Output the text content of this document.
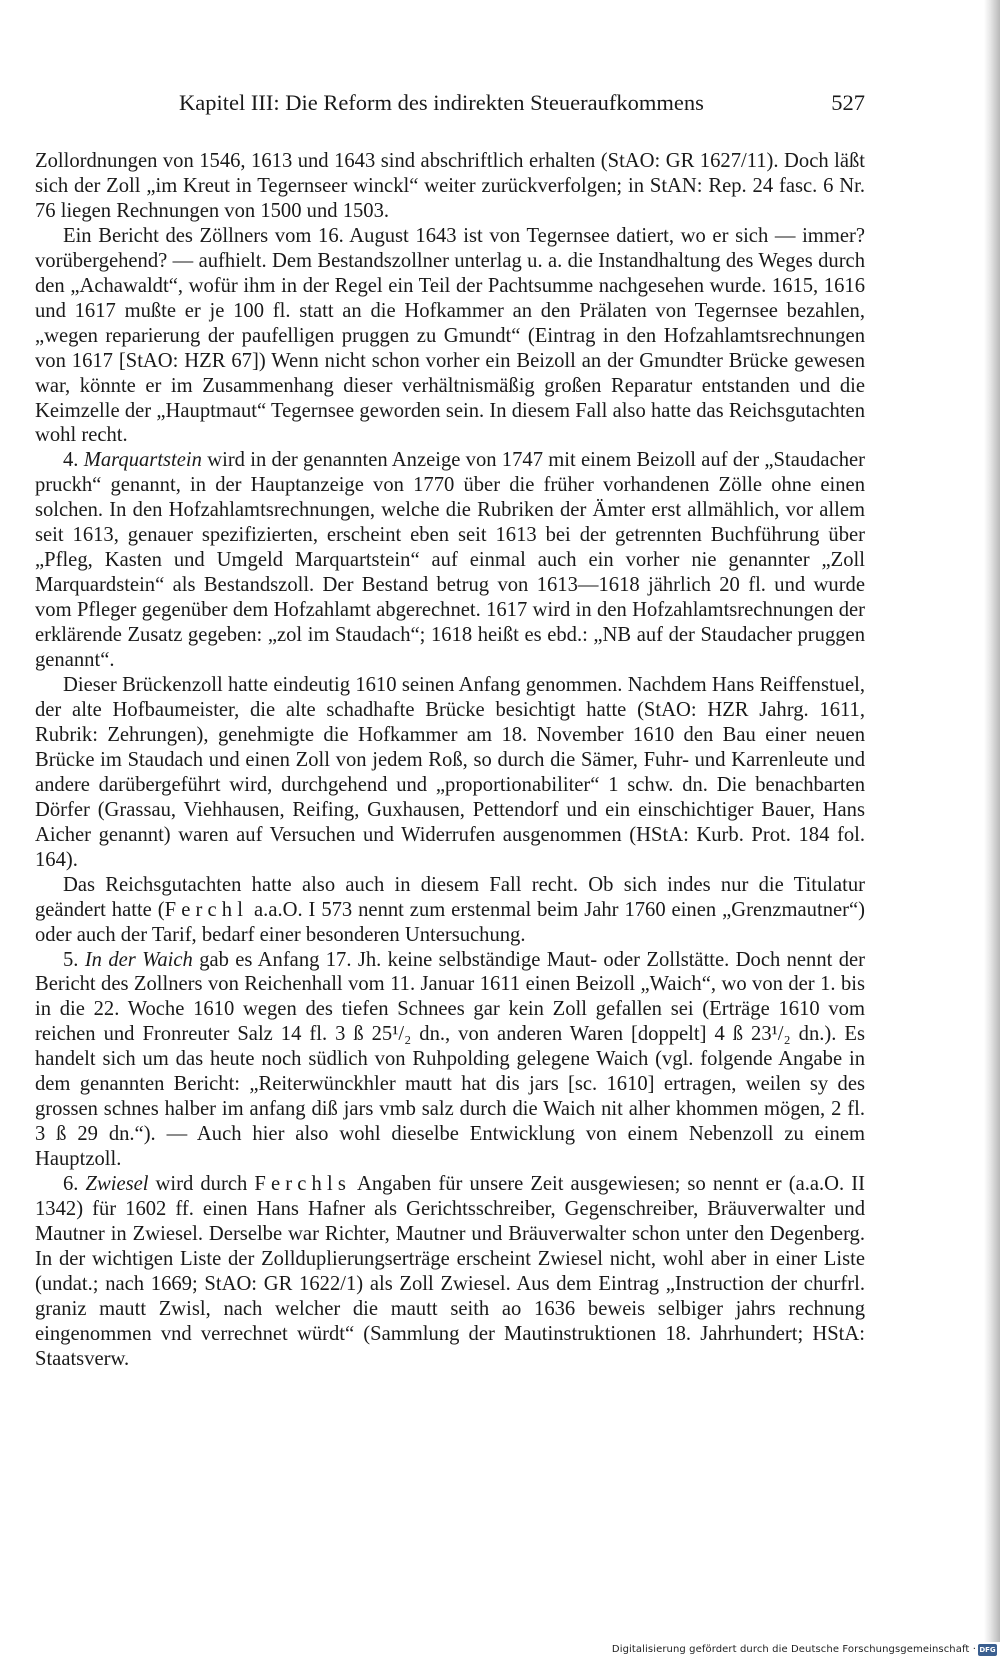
Kapitel III: Die Reform des indirekten Steueraufkommens	527

Zollordnungen von 1546, 1613 und 1643 sind abschriftlich erhalten (StAO: GR 1627/11). Doch läßt sich der Zoll „im Kreut in Tegernseer winckl“ weiter zurückverfolgen; in StAN: Rep. 24 fasc. 6 Nr. 76 liegen Rechnungen von 1500 und 1503.

Ein Bericht des Zöllners vom 16. August 1643 ist von Tegernsee datiert, wo er sich — immer? vorübergehend? — aufhielt. Dem Bestandszollner unterlag u. a. die Instandhaltung des Weges durch den „Achawaldt“, wofür ihm in der Regel ein Teil der Pachtsumme nachgesehen wurde. 1615, 1616 und 1617 mußte er je 100 fl. statt an die Hofkammer an den Prälaten von Tegernsee bezahlen, „wegen reparierung der paufelligen pruggen zu Gmundt“ (Eintrag in den Hofzahlamtsrechnungen von 1617 [StAO: HZR 67]) Wenn nicht schon vorher ein Beizoll an der Gmundter Brücke gewesen war, könnte er im Zusammenhang dieser verhältnismäßig großen Reparatur entstanden und die Keimzelle der „Hauptmaut“ Tegernsee geworden sein. In diesem Fall also hatte das Reichsgutachten wohl recht.

4. Marquartstein wird in der genannten Anzeige von 1747 mit einem Beizoll auf der „Staudacher pruckh“ genannt, in der Hauptanzeige von 1770 über die früher vorhandenen Zölle ohne einen solchen. In den Hofzahlamtsrechnungen, welche die Rubriken der Ämter erst allmählich, vor allem seit 1613, genauer spezifizierten, erscheint eben seit 1613 bei der getrennten Buchführung über „Pfleg, Kasten und Umgeld Marquartstein“ auf einmal auch ein vorher nie genannter „Zoll Marquardstein“ als Bestandszoll. Der Bestand betrug von 1613—1618 jährlich 20 fl. und wurde vom Pfleger gegenüber dem Hofzahlamt abgerechnet. 1617 wird in den Hofzahlamtsrechnungen der erklärende Zusatz gegeben: „zol im Staudach“; 1618 heißt es ebd.: „NB auf der Staudacher pruggen genannt“.

Dieser Brückenzoll hatte eindeutig 1610 seinen Anfang genommen. Nachdem Hans Reiffenstuel, der alte Hofbaumeister, die alte schadhafte Brücke besichtigt hatte (StAO: HZR Jahrg. 1611, Rubrik: Zehrungen), genehmigte die Hofkammer am 18. November 1610 den Bau einer neuen Brücke im Staudach und einen Zoll von jedem Roß, so durch die Sämer, Fuhr- und Karrenleute und andere darübergeführt wird, durchgehend und „proportionabiliter“ 1 schw. dn. Die benachbarten Dörfer (Grassau, Viehhausen, Reifing, Guxhausen, Pettendorf und ein einschichtiger Bauer, Hans Aicher genannt) waren auf Versuchen und Widerrufen ausgenommen (HStA: Kurb. Prot. 184 fol. 164).

Das Reichsgutachten hatte also auch in diesem Fall recht. Ob sich indes nur die Titulatur geändert hatte (Ferchl a.a.O. I 573 nennt zum erstenmal beim Jahr 1760 einen „Grenzmautner“) oder auch der Tarif, bedarf einer besonderen Untersuchung.

5. In der Waich gab es Anfang 17. Jh. keine selbständige Maut- oder Zollstätte. Doch nennt der Bericht des Zollners von Reichenhall vom 11. Januar 1611 einen Beizoll „Waich“, wo von der 1. bis in die 22. Woche 1610 wegen des tiefen Schnees gar kein Zoll gefallen sei (Erträge 1610 vom reichen und Fronreuter Salz 14 fl. 3 ß 25¹/₂ dn., von anderen Waren [doppelt] 4 ß 23¹/₂ dn.). Es handelt sich um das heute noch südlich von Ruhpolding gelegene Waich (vgl. folgende Angabe in dem genannten Bericht: „Reiterwünckhler mautt hat dis jars [sc. 1610] ertragen, weilen sy des grossen schnes halber im anfang diß jars vmb salz durch die Waich nit alher khommen mögen, 2 fl. 3 ß 29 dn.“). — Auch hier also wohl dieselbe Entwicklung von einem Nebenzoll zu einem Hauptzoll.

6. Zwiesel wird durch Ferchls Angaben für unsere Zeit ausgewiesen; so nennt er (a.a.O. II 1342) für 1602 ff. einen Hans Hafner als Gerichtsschreiber, Gegenschreiber, Bräuverwalter und Mautner in Zwiesel. Derselbe war Richter, Mautner und Bräuverwalter schon unter den Degenberg. In der wichtigen Liste der Zollduplierungserträge erscheint Zwiesel nicht, wohl aber in einer Liste (undat.; nach 1669; StAO: GR 1622/1) als Zoll Zwiesel. Aus dem Eintrag „Instruction der churfrl. graniz mautt Zwisl, nach welcher die mautt seith ao 1636 beweis selbiger jahrs rechnung eingenommen vnd verrechnet würdt“ (Sammlung der Mautinstruktionen 18. Jahrhundert; HStA: Staatsverw.

Digitalisierung gefördert durch die Deutsche Forschungsgemeinschaft · DFG
